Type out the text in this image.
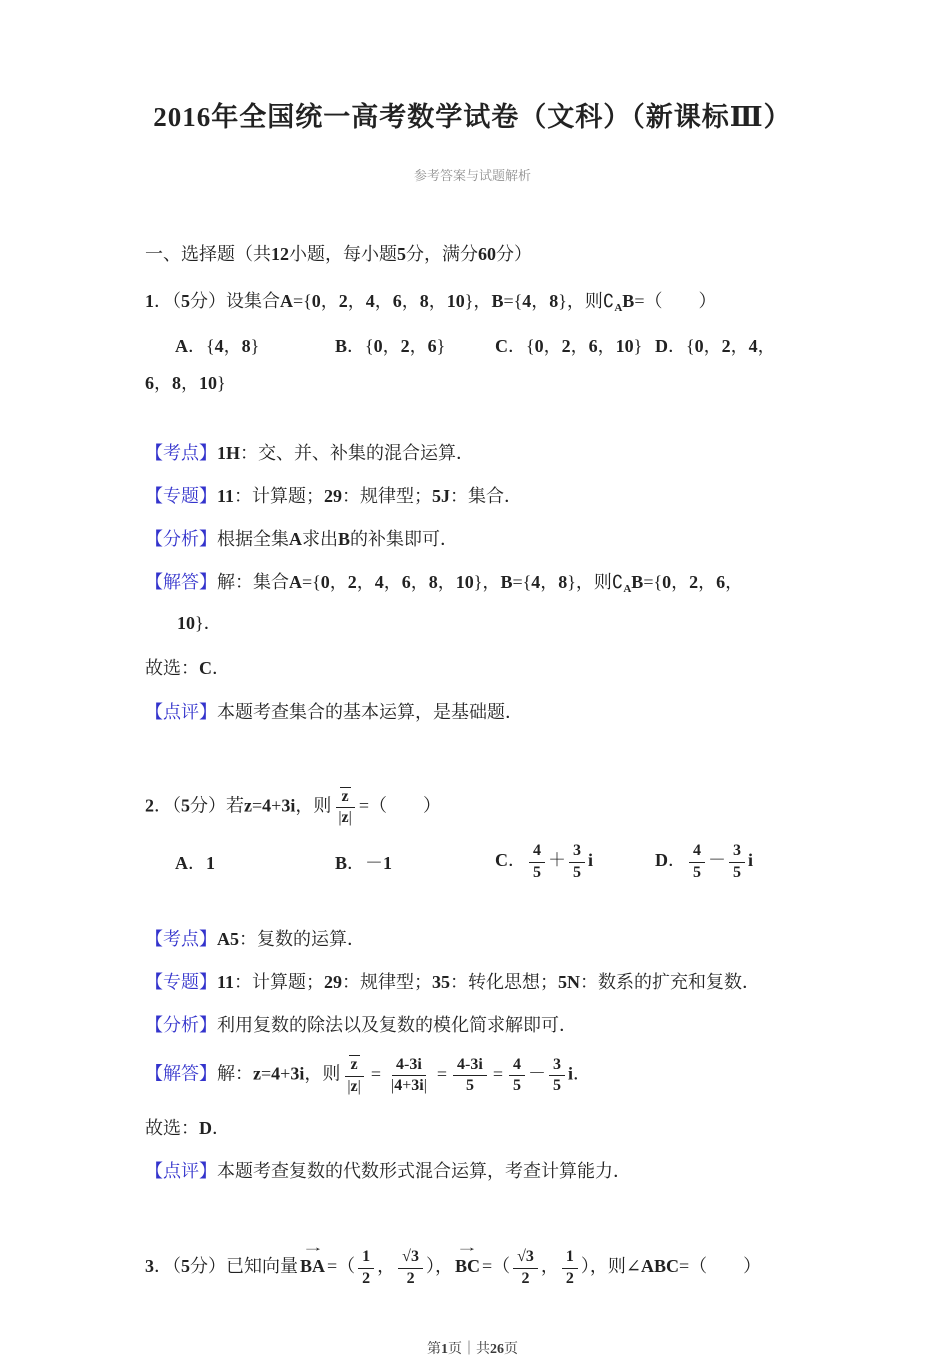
2016年全国统一高考数学试卷（文科）（新课标Ⅲ）
参考答案与试题解析
一、选择题（共12小题，每小题5分，满分60分）

1．（5分）设集合A={0，2，4，6，8，10}，B={4，8}，则$∁_AB=$（　　）

A．{4，8}	B．{0，2，6}	C．{0，2，6，10} D．{0，2，4，

6，8，10}

【考点】1H：交、并、补集的混合运算．

【专题】11：计算题；29：规律型；5J：集合．

【分析】根据全集A求出B的补集即可．

【解答】解：集合A={0，2，4，6，8，10}，B={4，8}，则$∁_AB=\{0$，2，6，

10}．

故选：C．

【点评】本题考查集合的基本运算，是基础题．

2．（5分）若z=4+3i，则 $\frac{z}{|z|}$ =（　　）

A．1	B．－1	C． $\frac{4}{5} + \frac{3}{5}$ i	D． $\frac{4}{5} - \frac{3}{5}$ i

【考点】A5：复数的运算．

【专题】11：计算题；29：规律型；35：转化思想；5N：数系的扩充和复数．

【分析】利用复数的除法以及复数的模化简求解即可．

【解答】解：z=4+3i，则 $\frac{z}{|z|} = \frac{4-3i}{|4+3i|} = \frac{4-3i}{5} = \frac{4}{5} - \frac{3}{5}$ i．

故选：D．

【点评】本题考查复数的代数形式混合运算，考查计算能力．

3．（5分）已知向量
→
BA =（ $\frac{1}{2}$ ， $\frac{√3}{2}$ ），
→
BC =（ $\frac{√3}{2}$ ， $\frac{1}{2}$ ），则∠ABC=（　　）

第1页｜共26页
